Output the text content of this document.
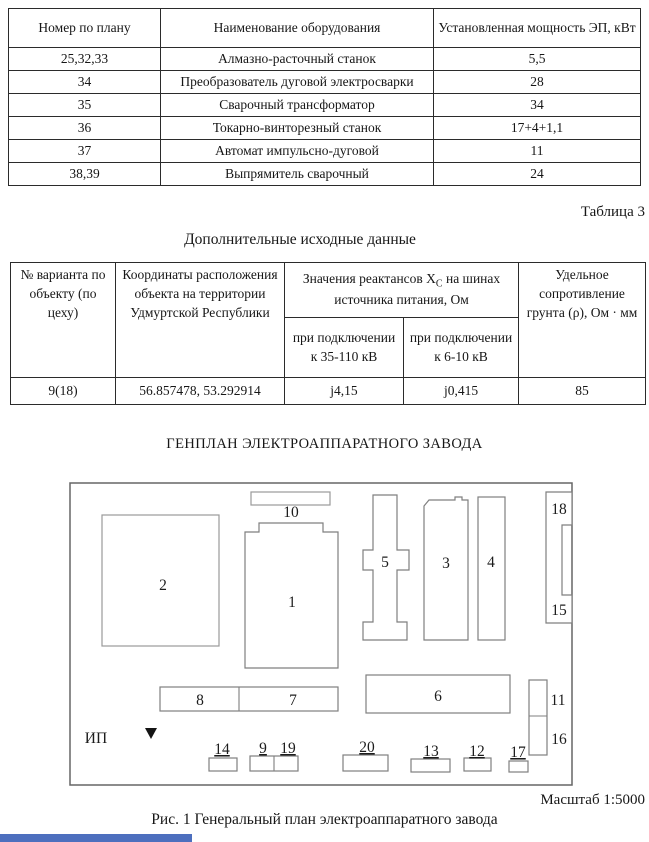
Номер по плану	Наименование оборудования	Установленная мощность ЭП, кВт
25,32,33	Алмазно-расточный станок	5,5
34	Преобразователь дуговой электросварки	28
35	Сварочный трансформатор	34
36	Токарно-винторезный станок	17+4+1,1
37	Автомат импульсно-дуговой	11
38,39	Выпрямитель сварочный	24
Таблица 3
Дополнительные исходные данные
№ варианта по объекту (по цеху)	Координаты расположения объекта на территории Удмуртской Республики	Значения реактансов $Х_С$ на шинах источника питания, Ом		Удельное сопротивление грунта (ρ), Ом · мм
		при подключении к 35-110 кВ	при подключении к 6-10 кВ	
9(18)	56.857478, 53.292914	j4,15	j0,415	85
ГЕНПЛАН ЭЛЕКТРОАППАРАТНОГО ЗАВОДА
2
10
1
5	3 4
18
15
8	7	6	11
16
ИП
14 9 19	20	13 12 17
Масштаб 1:5000
Рис. 1 Генеральный план электроаппаратного завода
